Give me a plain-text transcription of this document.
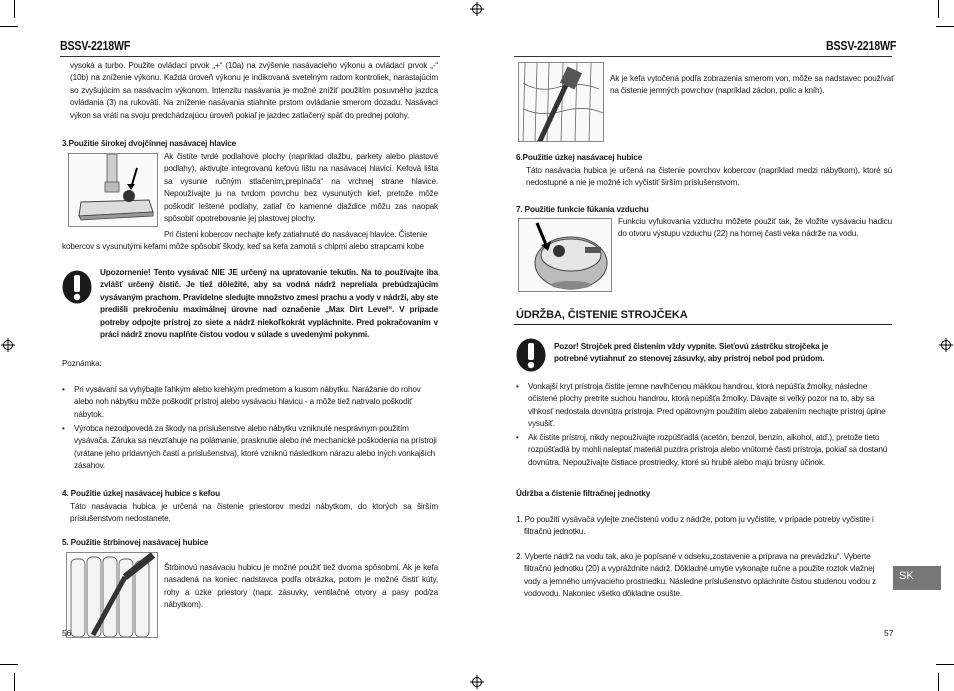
BSSV-2218WF
vysoká a turbo. Použite ovládací prvok „+“ (10a) na zvýšenie nasávacieho výkonu a ovládací prvok „-“ (10b) na zníženie výkonu. Každá úroveň výkonu je indikovaná svetelným radom kontroliek, narastajúcim so zvyšujúcim sa nasávacím výkonom. Intenzitu nasávania je možné znížiť použitím posuvného jazdca ovládania (3) na rukoväti. Na zníženie nasávania stiahnite prstom ovládanie smerom dozadu. Nasávací výkon sa vráti na svoju predchádzajúcu úroveň pokiaľ je jazdec zatlačený späť do prednej polohy.
3.Použitie širokej dvojčinnej nasávacej hlavice
Ak čistíte tvrdé podlahové plochy (napríklad dlažbu, parkety alebo plastové podlahy), aktivujte integrovanú kefovú lištu na nasávacej hlavici. Kefová lišta sa vysunie ručným stlačením„prepínača“ na vrchnej strane hlavice. Nepoužívajte ju na tvrdom povrchu bez vysunutých kief, pretože môže poškodiť leštené podlahy, zatiaľ čo kamenné dlaždice môžu zas naopak spôsobiť opotrebovanie jej plastovej plochy.
Pri čistení kobercov nechajte kefy zatiahnuté do nasávacej hlavice. Čistenie
kobercov s vysunutými kefami môže spôsobiť škody, keď sa kefa zamotá s chlpmi alebo strapcami kobe
Upozornenie! Tento vysávač NIE JE určený na upratovanie tekutín. Na to používajte iba zvlášť určený čistič. Je tiež dôležité, aby sa vodná nádrž nepreliala prebúdzajúcim vysávaným prachom. Pravidelne sledujte množstvo zmesi prachu a vody v nádrži, aby ste predišli prekročeniu maximálnej úrovne nad označenie „Max Dirt Level“. V prípade potreby odpojte prístroj zo siete a nádrž niekoľkokrát vypláchnite. Pred pokračovaním v práci nádrž znovu naplňte čistou vodou v súlade s uvedenými pokynmi.
Poznámka:
• Pri vysávaní sa vyhýbajte ľahkým alebo krehkým predmetom a kusom nábytku. Narážanie do rohov alebo noh nábytku môže poškodiť prístroj alebo vysávaciu hlavicu - a môže tiež natrvalo poškodiť nábytok.
• Výrobca nezodpovedá za škody na príslušenstve alebo nábytku vzniknuté nesprávnym použitím vysávača. Záruka sa nevzťahuje na polámanie, prasknutie alebo iné mechanické poškodenia na prístroji (vrátane jeho prídavných častí a príslušenstva), ktoré vzniknú následkom nárazu alebo iných vonkajších zásahov.
4. Použitie úzkej nasávacej hubice s kefou
Táto nasávacia hubica je určená na čistenie priestorov medzi nábytkom, do ktorých sa širším príslušenstvom nedostanete.
5. Použitie štrbinovej nasávacej hubice
Štrbinovú nasávaciu hubicu je možné použiť tiež dvoma spôsobmi. Ak je kefa nasadená na koniec nadstavca podľa obrázka, potom je možné čistiť kúty, rohy a úzke priestory (napr. zásuvky, ventilačné otvory a pasy pod/za nábytkom).
56
BSSV-2218WF
Ak je kefa vytočená podľa zobrazenia smerom von, môže sa nadstavec používať na čistenie jemných povrchov (napríklad záclon, políc a kníh).
6.Použitie úzkej nasávacej hubice
Táto nasávacia hubica je určená na čistenie povrchov kobercov (napríklad medzi nábytkom), ktoré sú nedostupné a nie je možné ich vyčistiť širším príslušenstvom.
7. Použitie funkcie fúkania vzduchu
Funkciu vyfukovania vzduchu môžete použiť tak, že vložíte vysávaciu hadicu do otvoru výstupu vzduchu (22) na hornej časti veka nádrže na vodu.
ÚDRŽBA, ČISTENIE STROJČEKA
Pozor! Strojček pred čistením vždy vypnite. Sieťovú zástrčku strojčeka je potrebné vytiahnuť zo stenovej zásuvky, aby prístroj nebol pod prúdom.
• Vonkajší kryt prístroja čistite jemne navlhčenou mäkkou handrou, ktorá nepúšťa žmolky, následne očistené plochy pretrite suchou handrou, ktorá nepúšťa žmolky. Dávajte si veľký pozor na to, aby sa vlhkosť nedostala dovnútra prístroja. Pred opätovným použitím alebo zabalením nechajte prístroj úplne vysušiť.
• Ak čistíte prístroj, nikdy nepoužívajte rozpúšťadlá (acetón, benzol, benzín, alkohol, atď.), pretože tieto rozpúšťadlá by mohli naleptať materiál puzdra prístroja alebo vnútorné časti prístroja, pokiaľ sa dostanú dovnútra. Nepoužívajte čistiace prostriedky, ktoré sú hrubé alebo majú brúsny účinok.
Údržba a čistenie filtračnej jednotky
1. Po použití vysávača vylejte znečistenú vodu z nádrže, potom ju vyčistite, v prípade potreby vyčistite i filtračnú jednotku.
2. Vyberte nádrž na vodu tak, ako je popísané v odseku„zostavenie a príprava na prevádzku“. Vyberte filtračnú jednotku (20) a vypráždnite nádrž. Dôkladné umytie vykonajte ručne a použite roztok vlažnej vody a jemného umývacieho prostriedku. Následne príslušenstvo opláchnite čistou studenou vodou z vodovodu. Nakoniec všetko dôkladne osušte.
SK
57
